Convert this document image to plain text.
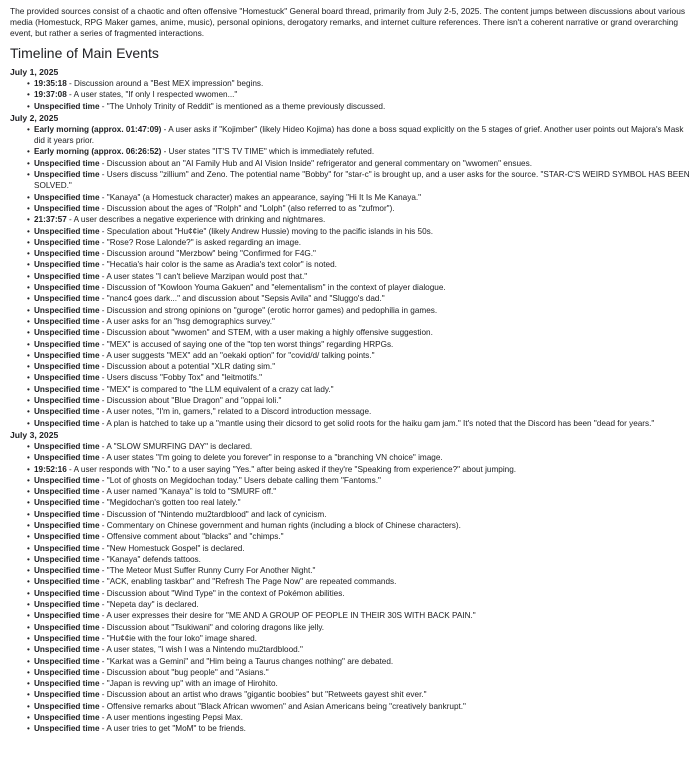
The provided sources consist of a chaotic and often offensive "Homestuck" General board thread, primarily from July 2-5, 2025. The content jumps between discussions about various media (Homestuck, RPG Maker games, anime, music), personal opinions, derogatory remarks, and internet culture references. There isn't a coherent narrative or grand overarching event, but rather a series of fragmented interactions.

Timeline of Main Events

July 1, 2025

• 19:35:18 - Discussion around a "Best MEX impression" begins.
• 19:37:08 - A user states, "If only I respected wwomen..."
• Unspecified time - "The Unholy Trinity of Reddit" is mentioned as a theme previously discussed.

July 2, 2025

• Early morning (approx. 01:47:09) - A user asks if "Kojimber" (likely Hideo Kojima) has done a boss squad explicitly on the 5 stages of grief. Another user points out Majora's Mask did it years prior.
• Early morning (approx. 06:26:52) - User states "IT'S TV TIME" which is immediately refuted.
• Unspecified time - Discussion about an "AI Family Hub and AI Vision Inside" refrigerator and general commentary on "wwomen" ensues.
• Unspecified time - Users discuss "zillium" and Zeno. The potential name "Bobby" for "star-c" is brought up, and a user asks for the source. "STAR-C'S WEIRD SYMBOL HAS BEEN SOLVED."
• Unspecified time - "Kanaya" (a Homestuck character) makes an appearance, saying "Hi It Is Me Kanaya."
• Unspecified time - Discussion about the ages of "Rolph" and "Lolph" (also referred to as "zufmor").
• 21:37:57 - A user describes a negative experience with drinking and nightmares.
• Unspecified time - Speculation about "Hu¢¢ie" (likely Andrew Hussie) moving to the pacific islands in his 50s.
• Unspecified time - "Rose? Rose Lalonde?" is asked regarding an image.
• Unspecified time - Discussion around "Merzbow" being "Confirmed for F4G."
• Unspecified time - "Hecatia's hair color is the same as Aradia's text color" is noted.
• Unspecified time - A user states "I can't believe Marzipan would post that."
• Unspecified time - Discussion of "Kowloon Youma Gakuen" and "elementalism" in the context of player dialogue.
• Unspecified time - "nanc4 goes dark..." and discussion about "Sepsis Avila" and "Sluggo's dad."
• Unspecified time - Discussion and strong opinions on "guroge" (erotic horror games) and pedophilia in games.
• Unspecified time - A user asks for an "hsg demographics survey."
• Unspecified time - Discussion about "wwomen" and STEM, with a user making a highly offensive suggestion.
• Unspecified time - "MEX" is accused of saying one of the "top ten worst things" regarding HRPGs.
• Unspecified time - A user suggests "MEX" add an "oekaki option" for "covid/d/ talking points."
• Unspecified time - Discussion about a potential "XLR dating sim."
• Unspecified time - Users discuss "Fobby Tox" and "leitmotifs."
• Unspecified time - "MEX" is compared to "the LLM equivalent of a crazy cat lady."
• Unspecified time - Discussion about "Blue Dragon" and "oppai loli."
• Unspecified time - A user notes, "I'm in, gamers," related to a Discord introduction message.
• Unspecified time - A plan is hatched to take up a "mantle using their dicsord to get solid roots for the haiku gam jam." It's noted that the Discord has been "dead for years."

July 3, 2025

• Unspecified time - A "SLOW SMURFING DAY" is declared.
• Unspecified time - A user states "I'm going to delete you forever" in response to a "branching VN choice" image.
• 19:52:16 - A user responds with "No." to a user saying "Yes." after being asked if they're "Speaking from experience?" about jumping.
• Unspecified time - "Lot of ghosts on Megidochan today." Users debate calling them "Fantoms."
• Unspecified time - A user named "Kanaya" is told to "SMURF off."
• Unspecified time - "Megidochan's gotten too real lately."
• Unspecified time - Discussion of "Nintendo mu2tardblood" and lack of cynicism.
• Unspecified time - Commentary on Chinese government and human rights (including a block of Chinese characters).
• Unspecified time - Offensive comment about "blacks" and "chimps."
• Unspecified time - "New Homestuck Gospel" is declared.
• Unspecified time - "Kanaya" defends tattoos.
• Unspecified time - "The Meteor Must Suffer Runny Curry For Another Night."
• Unspecified time - "ACK, enabling taskbar" and "Refresh The Page Now" are repeated commands.
• Unspecified time - Discussion about "Wind Type" in the context of Pokémon abilities.
• Unspecified time - "Nepeta day" is declared.
• Unspecified time - A user expresses their desire for "ME AND A GROUP OF PEOPLE IN THEIR 30S WITH BACK PAIN."
• Unspecified time - Discussion about "Tsukiwani" and coloring dragons like jelly.
• Unspecified time - "Hu¢¢ie with the four loko" image shared.
• Unspecified time - A user states, "I wish I was a Nintendo mu2tardblood."
• Unspecified time - "Karkat was a Gemini" and "Him being a Taurus changes nothing" are debated.
• Unspecified time - Discussion about "bug people" and "Asians."
• Unspecified time - "Japan is revving up" with an image of Hirohito.
• Unspecified time - Discussion about an artist who draws "gigantic boobies" but "Retweets gayest shit ever."
• Unspecified time - Offensive remarks about "Black African wwomen" and Asian Americans being "creatively bankrupt."
• Unspecified time - A user mentions ingesting Pepsi Max.
• Unspecified time - A user tries to get "MoM" to be friends.
